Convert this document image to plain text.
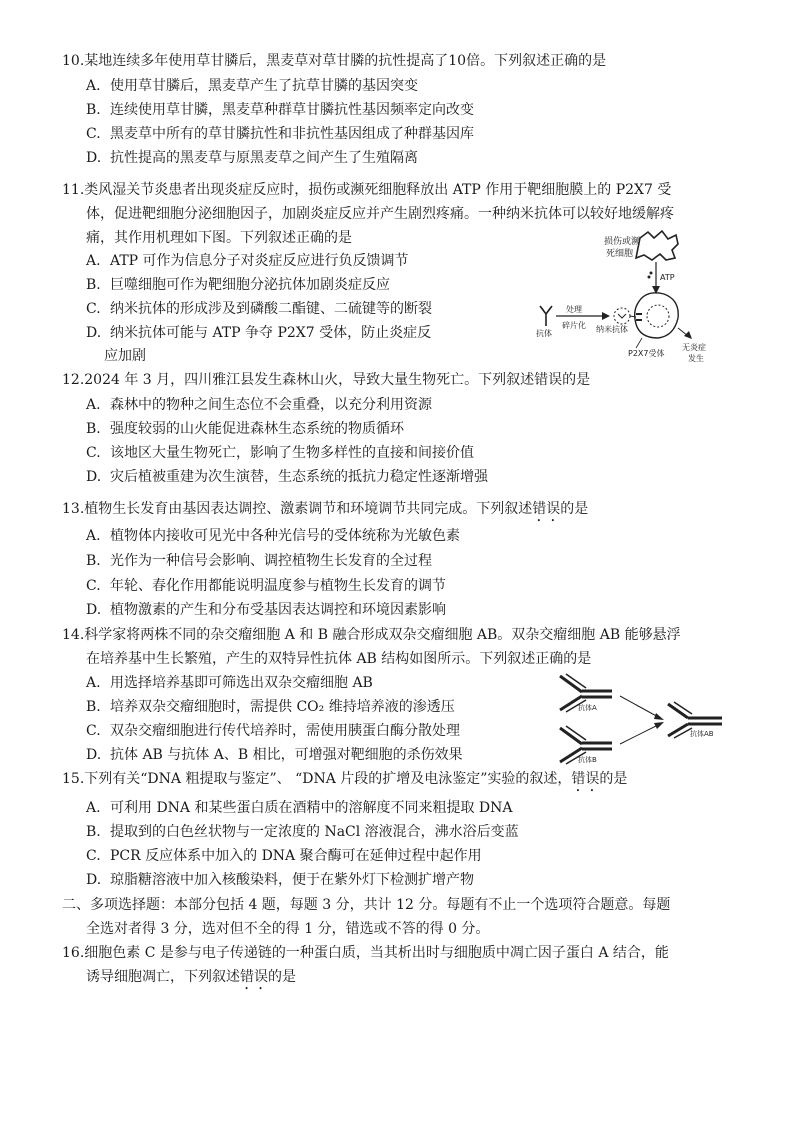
10.某地连续多年使用草甘膦后，黑麦草对草甘膦的抗性提高了10倍。下列叙述正确的是
A. 使用草甘膦后，黑麦草产生了抗草甘膦的基因突变
B. 连续使用草甘膦，黑麦草种群草甘膦抗性基因频率定向改变
C. 黑麦草中所有的草甘膦抗性和非抗性基因组成了种群基因库
D. 抗性提高的黑麦草与原黑麦草之间产生了生殖隔离
11.类风湿关节炎患者出现炎症反应时，损伤或濒死细胞释放出 ATP 作用于靶细胞膜上的 P2X7 受
体，促进靶细胞分泌细胞因子，加剧炎症反应并产生剧烈疼痛。一种纳米抗体可以较好地缓解疼
痛，其作用机理如下图。下列叙述正确的是
A. ATP 可作为信息分子对炎症反应进行负反馈调节
B. 巨噬细胞可作为靶细胞分泌抗体加剧炎症反应
C. 纳米抗体的形成涉及到磷酸二酯键、二硫键等的断裂
D. 纳米抗体可能与 ATP 争夺 P2X7 受体，防止炎症反
应加剧
损伤或濒
死细胞
ATP
P2X7受体
抗体
处理
碎片化 纳米抗体
无炎症
发生
12.2024 年 3 月，四川雅江县发生森林山火，导致大量生物死亡。下列叙述错误的是
A. 森林中的物种之间生态位不会重叠，以充分利用资源
B. 强度较弱的山火能促进森林生态系统的物质循环
C. 该地区大量生物死亡，影响了生物多样性的直接和间接价值
D. 灾后植被重建为次生演替，生态系统的抵抗力稳定性逐渐增强
13.植物生长发育由基因表达调控、激素调节和环境调节共同完成。下列叙述错误的是
A. 植物体内接收可见光中各种光信号的受体统称为光敏色素
B. 光作为一种信号会影响、调控植物生长发育的全过程
C. 年轮、春化作用都能说明温度参与植物生长发育的调节
D. 植物激素的产生和分布受基因表达调控和环境因素影响
14.科学家将两株不同的杂交瘤细胞 A 和 B 融合形成双杂交瘤细胞 AB。双杂交瘤细胞 AB 能够悬浮
在培养基中生长繁殖，产生的双特异性抗体 AB 结构如图所示。下列叙述正确的是
A. 用选择培养基即可筛选出双杂交瘤细胞 AB
B. 培养双杂交瘤细胞时，需提供 CO₂ 维持培养液的渗透压
C. 双杂交瘤细胞进行传代培养时，需使用胰蛋白酶分散处理
D. 抗体 AB 与抗体 A、B 相比，可增强对靶细胞的杀伤效果
抗体A
抗体B
抗体AB
15.下列有关“DNA 粗提取与鉴定”、 “DNA 片段的扩增及电泳鉴定”实验的叙述，错误的是
A. 可利用 DNA 和某些蛋白质在酒精中的溶解度不同来粗提取 DNA
B. 提取到的白色丝状物与一定浓度的 NaCl 溶液混合，沸水浴后变蓝
C. PCR 反应体系中加入的 DNA 聚合酶可在延伸过程中起作用
D. 琼脂糖溶液中加入核酸染料，便于在紫外灯下检测扩增产物
二、多项选择题：本部分包括 4 题，每题 3 分，共计 12 分。每题有不止一个选项符合题意。每题
全选对者得 3 分，选对但不全的得 1 分，错选或不答的得 0 分。
16.细胞色素 C 是参与电子传递链的一种蛋白质，当其析出时与细胞质中凋亡因子蛋白 A 结合，能
诱导细胞凋亡，下列叙述错误的是
